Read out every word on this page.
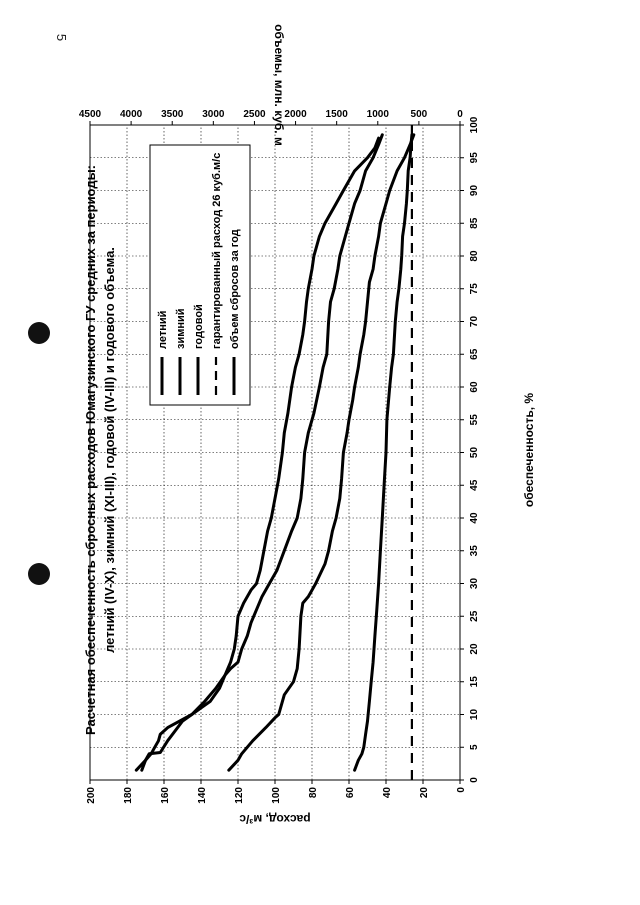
5
Расчетная обеспеченность сбросных расходов Юмагузинского ГУ средних за периоды: летний (IV-X), зимний (XI-III), годовой (IV-III) и годового объема.
0
5
10
15
20
25
30
35
40
45
50
55
60
65
70
75
80
85
90
95
100
0
20
40
60
80
100
120
140
160
180
200
0
500
1000
1500
2000
2500
3000
3500
4000
4500
обеспеченность, %
расход, м³/с
объемы, млн. куб. м
летний зимний годовой гарантированный расход 26 куб.м/с объем сбросов за год
